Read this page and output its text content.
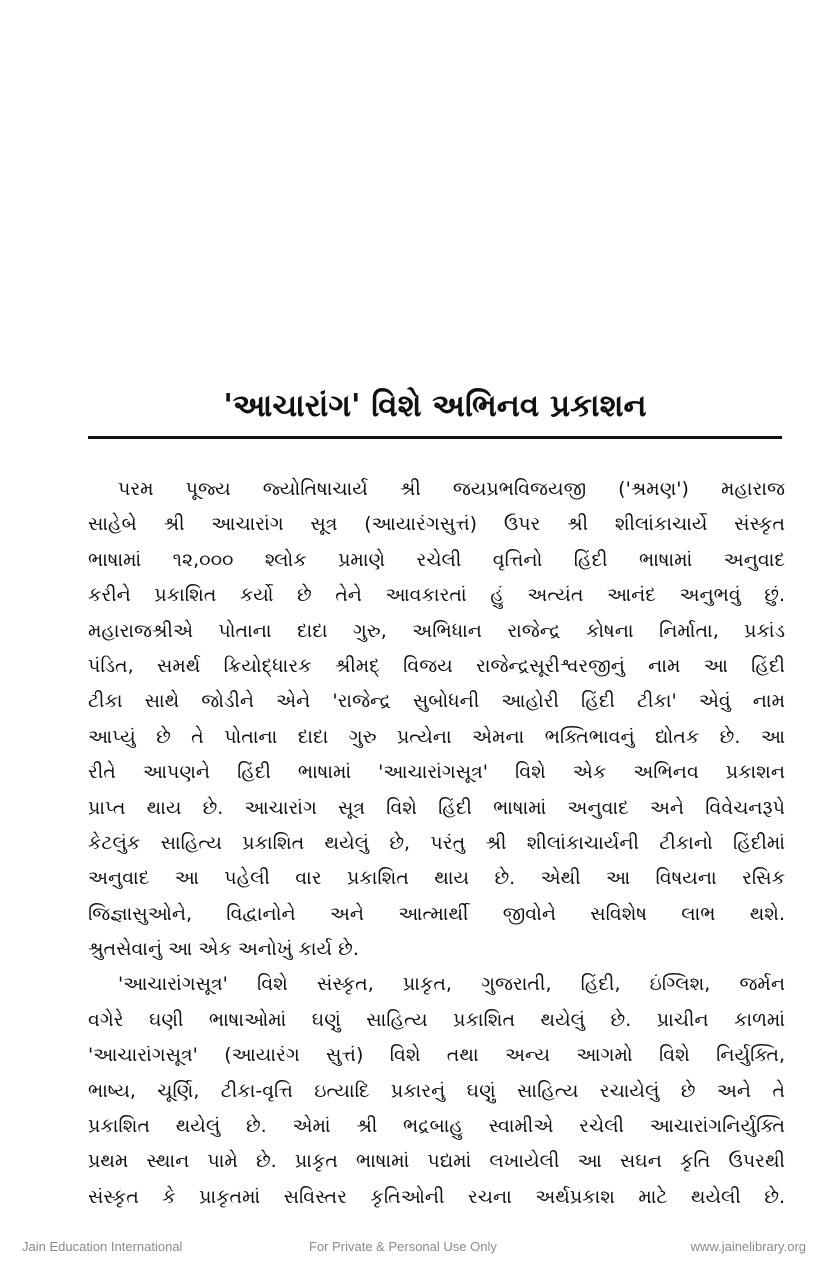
'આચારાંગ' વિશે અભિનવ પ્રકાશન
પરમ પૂજ્ય જ્યોતિષાચાર્ય શ્રી જયપ્રભવિજયજી ('શ્રમણ') મહારાજ
સાહેબે શ્રી આચારાંગ સૂત્ર (આયારંગસુત્તં) ઉપર શ્રી શીલાંકાચાર્યે સંસ્કૃત
ભાષામાં ૧૨,૦૦૦ શ્લોક પ્રમાણે રચેલી વૃત્તિનો હિંદી ભાષામાં અનુવાદ
કરીને પ્રકાશિત કર્યો છે તેને આવકારતાં હું અત્યંત આનંદ અનુભવું છું.
મહારાજશ્રીએ પોતાના દાદા ગુરુ, અભિધાન રાજેન્દ્ર કોષના નિર્માતા, પ્રકાંડ
પંડિત, સમર્થ ક્રિયોદ્ધારક શ્રીમદ્ વિજય રાજેન્દ્રસૂરીશ્વરજીનું નામ આ હિંદી
ટીકા સાથે જોડીને એને 'રાજેન્દ્ર સુબોધની આહોરી હિંદી ટીકા' એવું નામ
આપ્યું છે તે પોતાના દાદા ગુરુ પ્રત્યેના એમના ભક્તિભાવનું દ્યોતક છે. આ
રીતે આપણને હિંદી ભાષામાં 'આચારાંગસૂત્ર' વિશે એક અભિનવ પ્રકાશન
પ્રાપ્ત થાય છે. આચારાંગ સૂત્ર વિશે હિંદી ભાષામાં અનુવાદ અને વિવેચનરૂપે
કેટલુંક સાહિત્ય પ્રકાશિત થયેલું છે, પરંતુ શ્રી શીલાંકાચાર્યની ટીકાનો હિંદીમાં
અનુવાદ આ પહેલી વાર પ્રકાશિત થાય છે. એથી આ વિષયના રસિક
જિજ્ઞાસુઓને, વિદ્વાનોને અને આત્માર્થી જીવોને સવિશેષ લાભ થશે.
શ્રુતસેવાનું આ એક અનોખું કાર્ય છે.
'આચારાંગસૂત્ર' વિશે સંસ્કૃત, પ્રાકૃત, ગુજરાતી, હિંદી, ઇંગ્લિશ, જર્મન
વગેરે ઘણી ભાષાઓમાં ઘણું સાહિત્ય પ્રકાશિત થયેલું છે. પ્રાચીન કાળમાં
'આચારાંગસૂત્ર' (આયારંગ સુત્તં) વિશે તથા અન્ય આગમો વિશે નિર્યુક્તિ,
ભાષ્ય, ચૂર્ણિ, ટીકા-વૃત્તિ ઇત્યાદિ પ્રકારનું ઘણું સાહિત્ય રચાયેલું છે અને તે
પ્રકાશિત થયેલું છે. એમાં શ્રી ભદ્રબાહુ સ્વામીએ રચેલી આચારાંગનિર્યુક્તિ
પ્રથમ સ્થાન પામે છે. પ્રાકૃત ભાષામાં પદ્યમાં લખાયેલી આ સઘન કૃતિ ઉપરથી
સંસ્કૃત કે પ્રાકૃતમાં સવિસ્તર કૃતિઓની રચના અર્થપ્રકાશ માટે થયેલી છે.
Jain Education International	For Private & Personal Use Only	www.jainelibrary.org
